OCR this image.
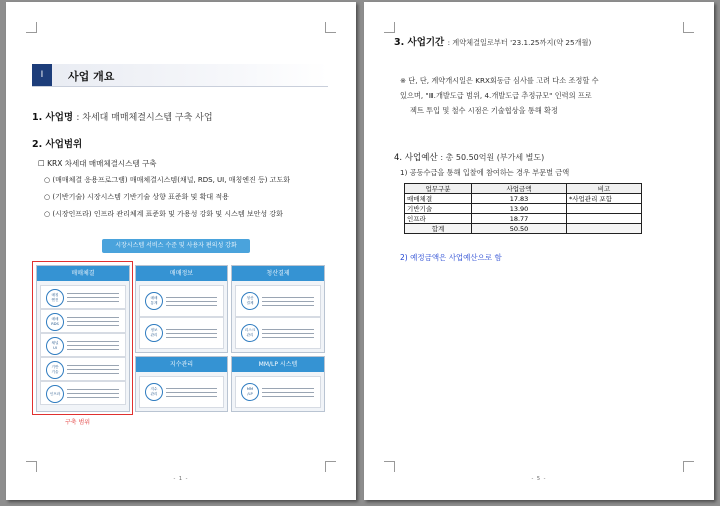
Ⅰ	사업 개요
1. 사업명 : 차세대 매매체결시스템 구축 사업
2. 사업범위
☐ KRX 차세대 매매체결시스템 구축
○ (매매체결 응용프로그램) 매매체결시스템(채널, RDS, UI, 매칭엔진 등) 고도화
○ (기반기술) 시장시스템 기반기술 상향 표준화 및 확대 적용
○ (시장인프라) 인프라 관리체계 표준화 및 가용성 강화 및 시스템 보안성 강화
시장시스템 서비스 수준 및 사용자 편의성 강화
매매체결
매칭
엔진
매매
RDS
채널
UI
기반
기술
인프라
구축 범위
매매정보
매매
통계
정보
관리
청산결제
청산
결제
리스크
관리
지수관리
지수
관리
MM/LP 시스템
MM
/LP
- 1 -
3. 사업기간 : 계약체결일로부터 '23.1.25까지(약 25개월)
※ 단, 단, 계약개시일은 KRX회동금 심사를 고려 다소 조정할 수
있으며, "Ⅲ.개발도급 범위, 4.개발도급 추정규모" 인력의 프로
젝트 투입 및 철수 시점은 기술협상을 통해 확정
4. 사업예산 : 총 50.50억원 (부가세 별도)
1) 공동수급을 통해 입찰에 참여하는 경우 부문별 금액
업무구분	사업금액	비고
매매체결	17.83	*사업관리 포함
기반기술	13.90	
인프라	18.77	
합계	50.50	
2) 예정금액은 사업예산으로 함
- 5 -
